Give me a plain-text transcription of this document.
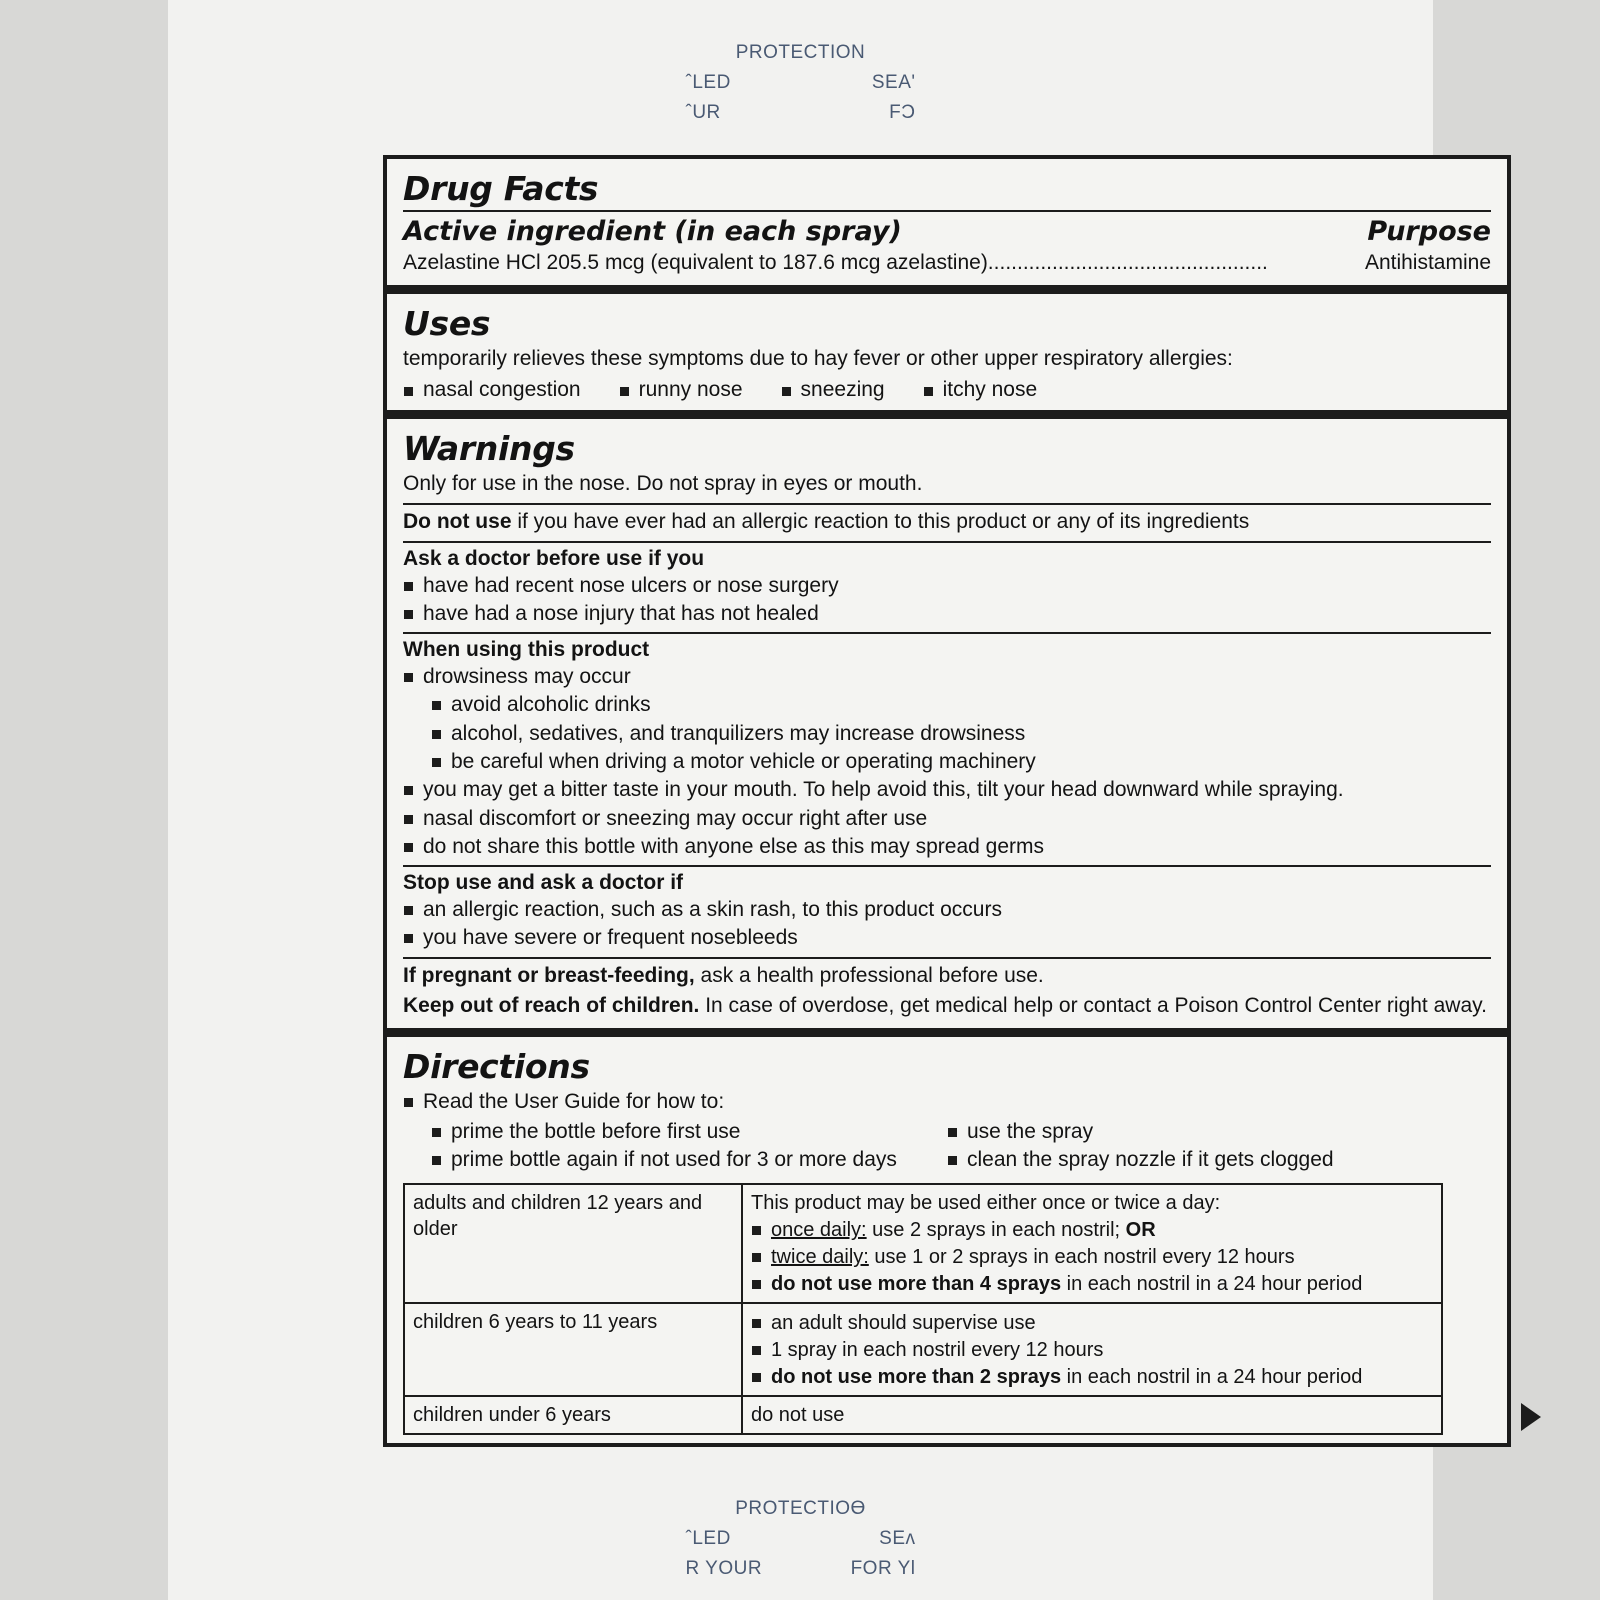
PROTECTION
ˆLED	SEA'
ˆUR	FƆ
Drug Facts
Active ingredient (in each spray)	Purpose
Azelastine HCl 205.5 mcg (equivalent to 187.6 mcg azelastine)................................................	Antihistamine
Uses
temporarily relieves these symptoms due to hay fever or other upper respiratory allergies:
nasal congestion	runny nose	sneezing	itchy nose
Warnings
Only for use in the nose. Do not spray in eyes or mouth.
Do not use if you have ever had an allergic reaction to this product or any of its ingredients
Ask a doctor before use if you
have had recent nose ulcers or nose surgery
have had a nose injury that has not healed
When using this product
drowsiness may occur
avoid alcoholic drinks
alcohol, sedatives, and tranquilizers may increase drowsiness
be careful when driving a motor vehicle or operating machinery
you may get a bitter taste in your mouth. To help avoid this, tilt your head downward while spraying.
nasal discomfort or sneezing may occur right after use
do not share this bottle with anyone else as this may spread germs
Stop use and ask a doctor if
an allergic reaction, such as a skin rash, to this product occurs
you have severe or frequent nosebleeds
If pregnant or breast-feeding, ask a health professional before use.
Keep out of reach of children. In case of overdose, get medical help or contact a Poison Control Center right away.
Directions
Read the User Guide for how to:
prime the bottle before first use
prime bottle again if not used for 3 or more days
use the spray
clean the spray nozzle if it gets clogged
adults and children 12 years and older	This product may be used either once or twice a day:
once daily: use 2 sprays in each nostril; OR
twice daily: use 1 or 2 sprays in each nostril every 12 hours
do not use more than 4 sprays in each nostril in a 24 hour period

children 6 years to 11 years	an adult should supervise use
1 spray in each nostril every 12 hours
do not use more than 2 sprays in each nostril in a 24 hour period

children under 6 years	do not use
PROTECTIOƟ
ˆLED	SEʌ
R YOUR	FOR YƖ
